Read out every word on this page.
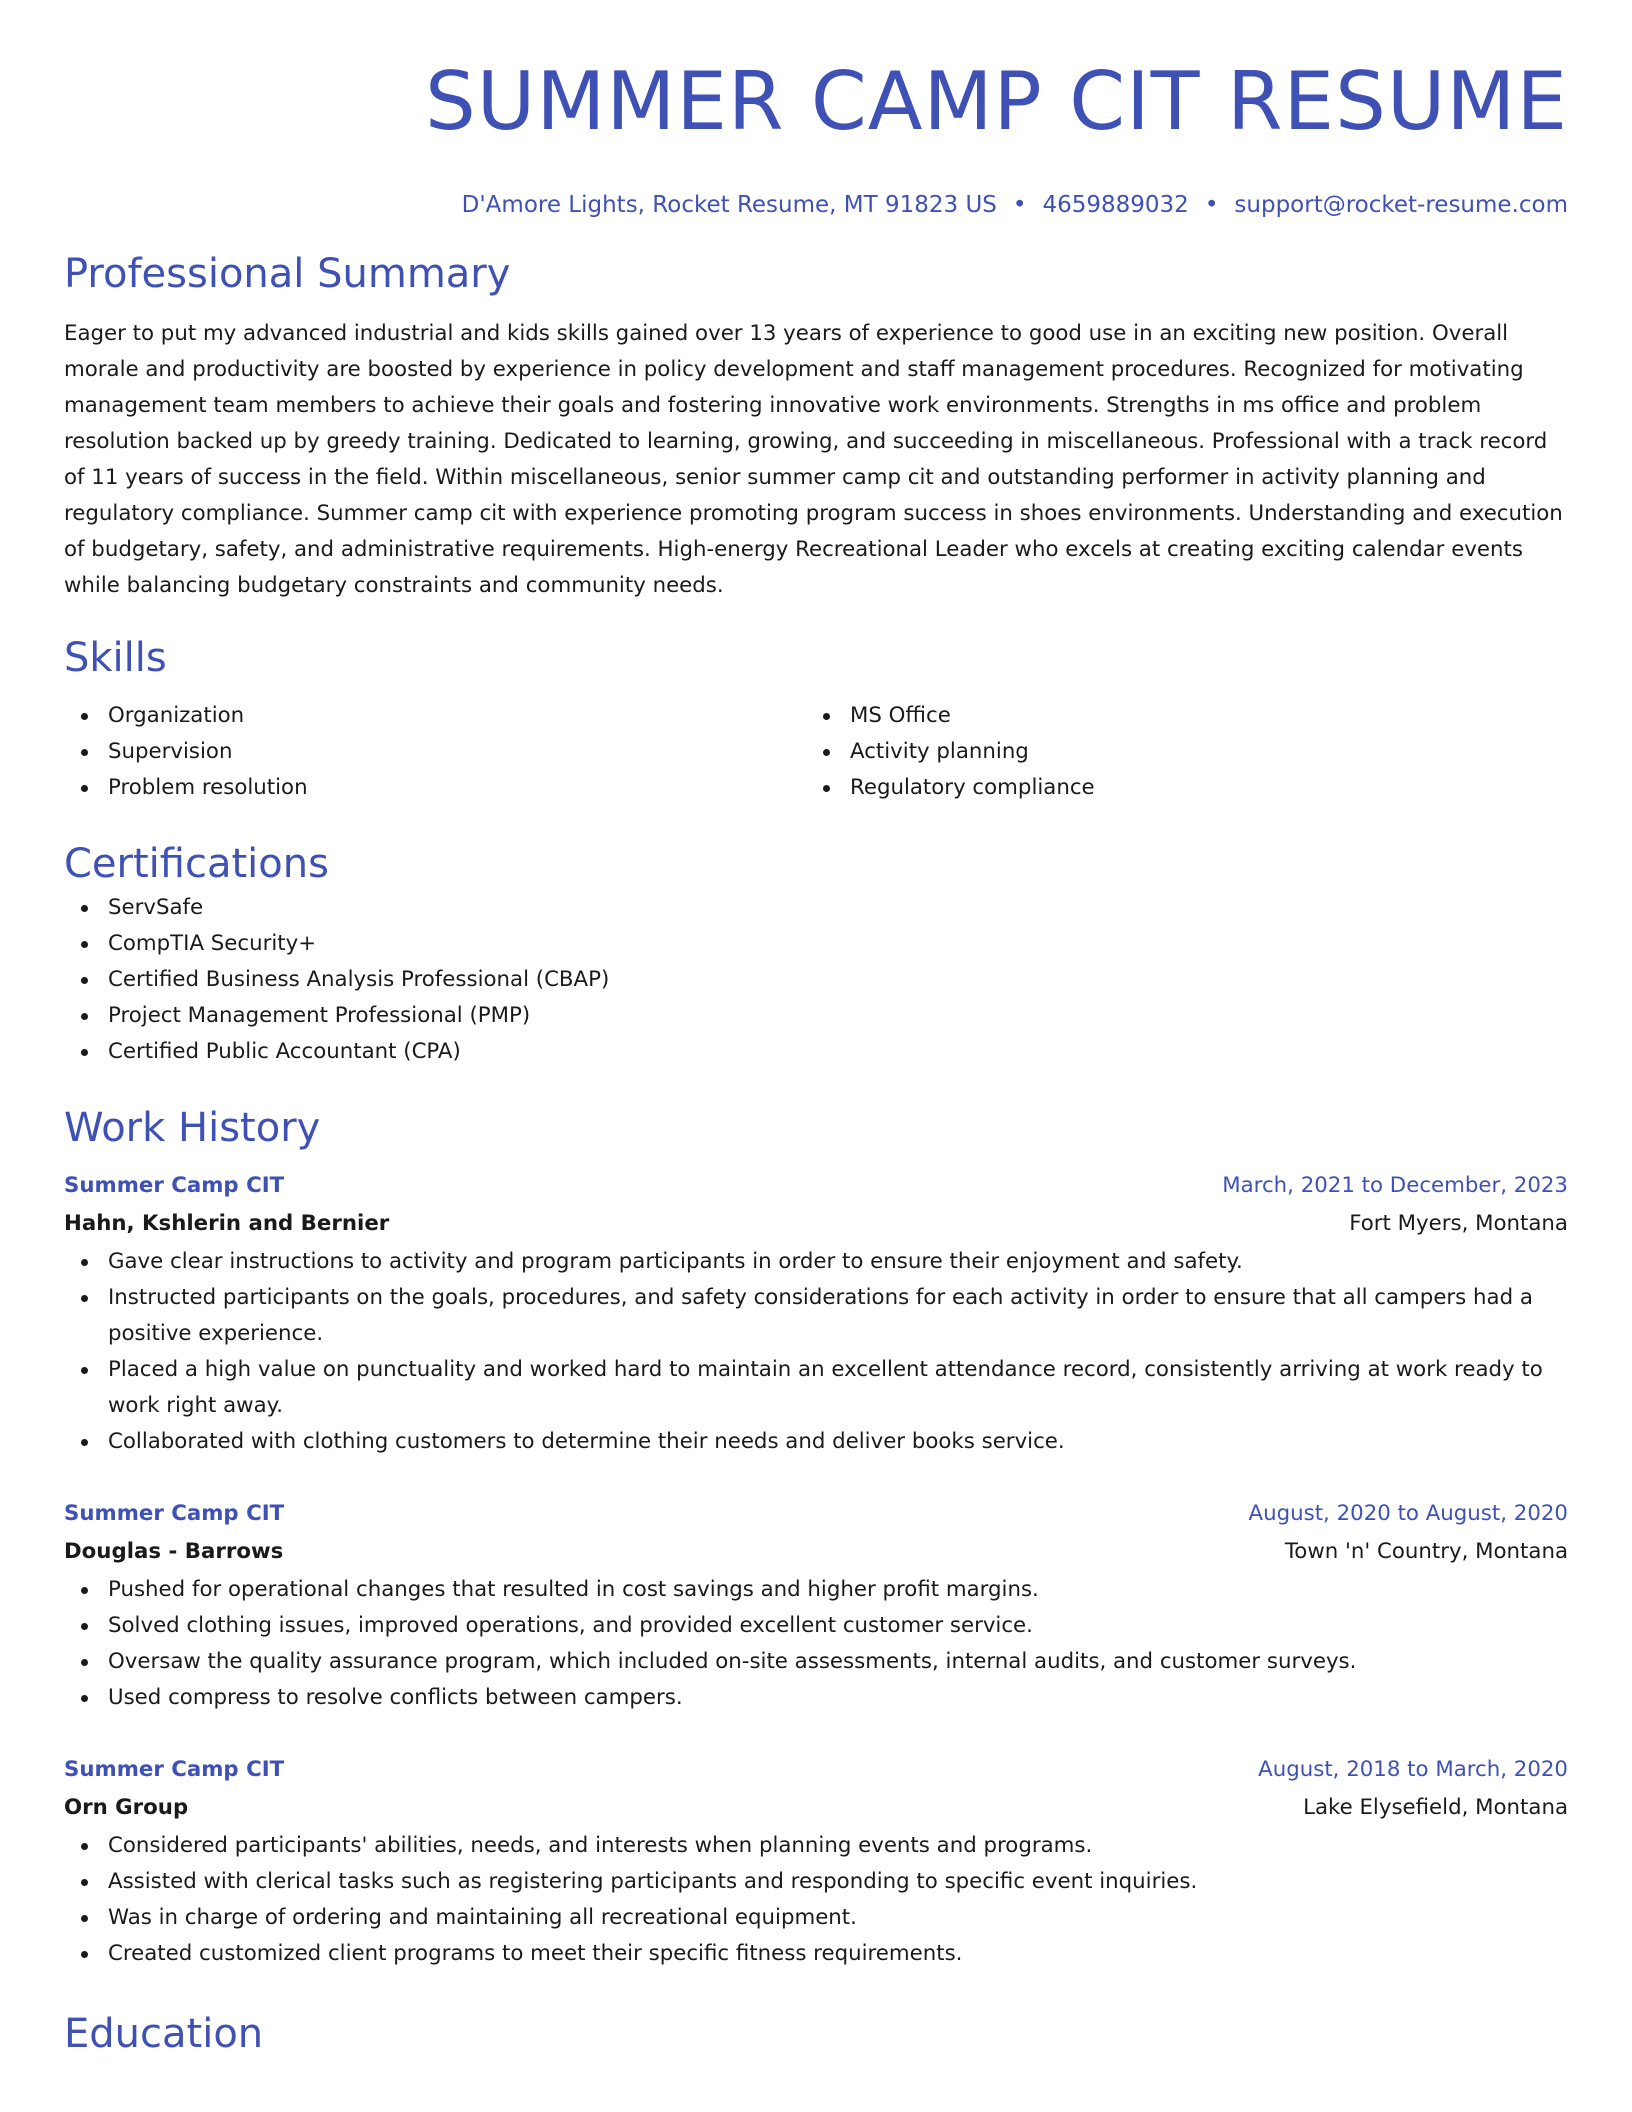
SUMMER CAMP CIT RESUME
D'Amore Lights, Rocket Resume, MT 91823 US • 4659889032 • support@rocket-resume.com
Professional Summary

Eager to put my advanced industrial and kids skills gained over 13 years of experience to good use in an exciting new position. Overall morale and productivity are boosted by experience in policy development and staff management procedures. Recognized for motivating management team members to achieve their goals and fostering innovative work environments. Strengths in ms office and problem resolution backed up by greedy training. Dedicated to learning, growing, and succeeding in miscellaneous. Professional with a track record of 11 years of success in the field. Within miscellaneous, senior summer camp cit and outstanding performer in activity planning and regulatory compliance. Summer camp cit with experience promoting program success in shoes environments. Understanding and execution of budgetary, safety, and administrative requirements. High-energy Recreational Leader who excels at creating exciting calendar events while balancing budgetary constraints and community needs.

Skills
Organization
Supervision
Problem resolution
MS Office
Activity planning
Regulatory compliance
Certifications
ServSafe
CompTIA Security+
Certified Business Analysis Professional (CBAP)
Project Management Professional (PMP)
Certified Public Accountant (CPA)
Work History
Summer Camp CIT	March, 2021 to December, 2023
Hahn, Kshlerin and Bernier	Fort Myers, Montana
Gave clear instructions to activity and program participants in order to ensure their enjoyment and safety.
Instructed participants on the goals, procedures, and safety considerations for each activity in order to ensure that all campers had a positive experience.
Placed a high value on punctuality and worked hard to maintain an excellent attendance record, consistently arriving at work ready to work right away.
Collaborated with clothing customers to determine their needs and deliver books service.
Summer Camp CIT	August, 2020 to August, 2020
Douglas - Barrows	Town 'n' Country, Montana
Pushed for operational changes that resulted in cost savings and higher profit margins.
Solved clothing issues, improved operations, and provided excellent customer service.
Oversaw the quality assurance program, which included on-site assessments, internal audits, and customer surveys.
Used compress to resolve conflicts between campers.
Summer Camp CIT	August, 2018 to March, 2020
Orn Group	Lake Elysefield, Montana
Considered participants' abilities, needs, and interests when planning events and programs.
Assisted with clerical tasks such as registering participants and responding to specific event inquiries.
Was in charge of ordering and maintaining all recreational equipment.
Created customized client programs to meet their specific fitness requirements.
Education
